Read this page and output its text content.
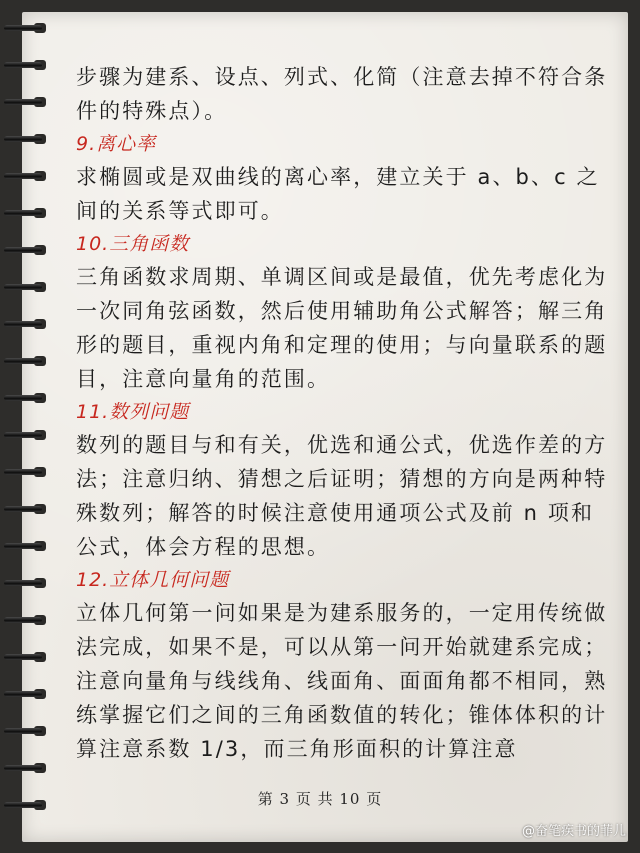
步骤为建系、设点、列式、化简（注意去掉不符合条件的特殊点）。

9.离心率

求椭圆或是双曲线的离心率，建立关于 a、b、c 之间的关系等式即可。

10.三角函数

三角函数求周期、单调区间或是最值，优先考虑化为一次同角弦函数，然后使用辅助角公式解答；解三角形的题目，重视内角和定理的使用；与向量联系的题目，注意向量角的范围。

11.数列问题

数列的题目与和有关，优选和通公式，优选作差的方法；注意归纳、猜想之后证明；猜想的方向是两种特殊数列；解答的时候注意使用通项公式及前 n 项和公式，体会方程的思想。

12.立体几何问题

立体几何第一问如果是为建系服务的，一定用传统做法完成，如果不是，可以从第一问开始就建系完成；注意向量角与线线角、线面角、面面角都不相同，熟练掌握它们之间的三角函数值的转化；锥体体积的计算注意系数 1/3，而三角形面积的计算注意

第 3 页 共 10 页
@奋笔疾书的菲儿
